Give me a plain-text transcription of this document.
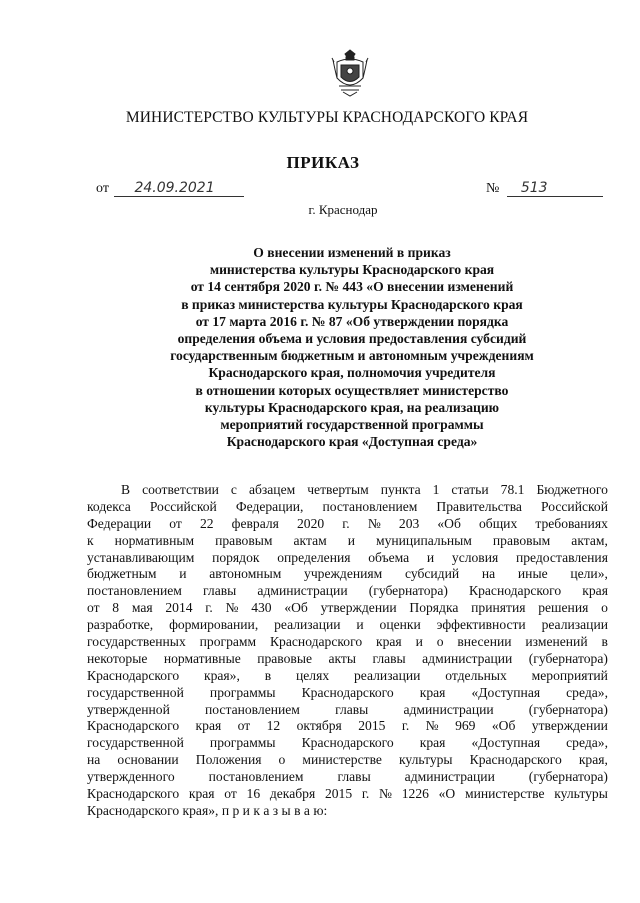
МИНИСТЕРСТВО КУЛЬТУРЫ КРАСНОДАРСКОГО КРАЯ
ПРИКАЗ
от 24.09.2021	№ 513
г. Краснодар
О внесении изменений в приказ
министерства культуры Краснодарского края
от 14 сентября 2020 г. № 443 «О внесении изменений
в приказ министерства культуры Краснодарского края
от 17 марта 2016 г. № 87 «Об утверждении порядка
определения объема и условия предоставления субсидий
государственным бюджетным и автономным учреждениям
Краснодарского края, полномочия учредителя
в отношении которых осуществляет министерство
культуры Краснодарского края, на реализацию
мероприятий государственной программы
Краснодарского края «Доступная среда»
В соответствии с абзацем четвертым пункта 1 статьи 78.1 Бюджетного
кодекса Российской Федерации, постановлением Правительства Российской
Федерации от 22 февраля 2020 г. № 203 «Об общих требованиях
к нормативным правовым актам и муниципальным правовым актам,
устанавливающим порядок определения объема и условия предоставления
бюджетным и автономным учреждениям субсидий на иные цели»,
постановлением главы администрации (губернатора) Краснодарского края
от 8 мая 2014 г. № 430 «Об утверждении Порядка принятия решения о
разработке, формировании, реализации и оценки эффективности реализации
государственных программ Краснодарского края и о внесении изменений в
некоторые нормативные правовые акты главы администрации (губернатора)
Краснодарского края», в целях реализации отдельных мероприятий
государственной программы Краснодарского края «Доступная среда»,
утвержденной	постановлением	главы	администрации	(губернатора)
Краснодарского края от 12 октября 2015 г. № 969 «Об утверждении
государственной программы Краснодарского края «Доступная среда»,
на основании Положения о министерстве культуры Краснодарского края,
утвержденного постановлением главы администрации (губернатора)
Краснодарского края от 16 декабря 2015 г. № 1226 «О министерстве культуры
Краснодарского края», п р и к а з ы в а ю:
